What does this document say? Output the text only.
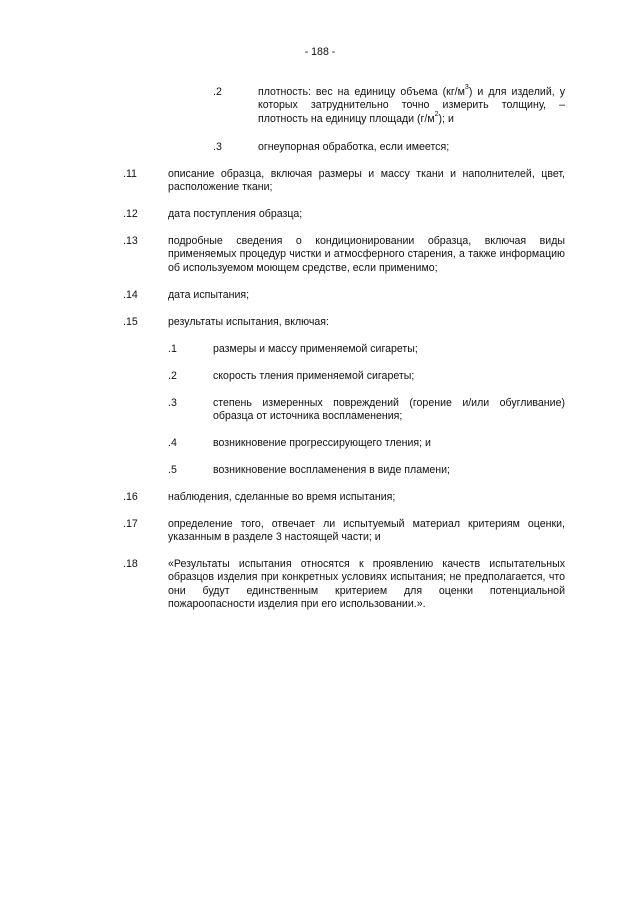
- 188 -
.2	плотность: вес на единицу объема $(кг/м^3)$ и для изделий, у которых затруднительно точно измерить толщину, – плотность на единицу площади $(г/м^2)$; и
.3	огнеупорная обработка, если имеется;
.11	описание образца, включая размеры и массу ткани и наполнителей, цвет, расположение ткани;
.12	дата поступления образца;
.13	подробные сведения о кондиционировании образца, включая виды применяемых процедур чистки и атмосферного старения, а также информацию об используемом моющем средстве, если применимо;
.14	дата испытания;
.15	результаты испытания, включая:
.1	размеры и массу применяемой сигареты;
.2	скорость тления применяемой сигареты;
.3	степень измеренных повреждений (горение и/или обугливание) образца от источника воспламенения;
.4	возникновение прогрессирующего тления; и
.5	возникновение воспламенения в виде пламени;
.16	наблюдения, сделанные во время испытания;
.17	определение того, отвечает ли испытуемый материал критериям оценки, указанным в разделе 3 настоящей части; и
.18	«Результаты испытания относятся к проявлению качеств испытательных образцов изделия при конкретных условиях испытания; не предполагается, что они будут единственным критерием для оценки потенциальной пожароопасности изделия при его использовании.».
